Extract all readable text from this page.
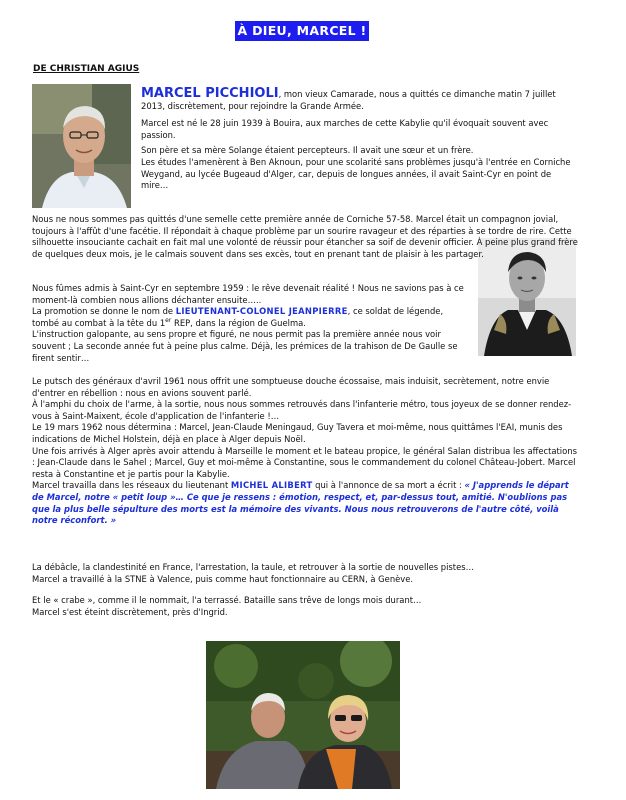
À DIEU, MARCEL !
DE CHRISTIAN AGIUS

MARCEL PICCHIOLI, mon vieux Camarade, nous a quittés ce dimanche matin 7 juillet 2013, discrètement, pour rejoindre la Grande Armée.

Marcel est né le 28 juin 1939 à Bouira, aux marches de cette Kabylie qu'il évoquait souvent avec passion.

Son père et sa mère Solange étaient percepteurs. Il avait une sœur et un frère.

Les études l'amenèrent à Ben Aknoun, pour une scolarité sans problèmes jusqu'à l'entrée en Corniche Weygand, au lycée Bugeaud d'Alger, car, depuis de longues années, il avait Saint-Cyr en point de mire…

Nous ne nous sommes pas quittés d'une semelle cette première année de Corniche 57-58. Marcel était un compagnon jovial, toujours à l'affût d'une facétie. Il répondait à chaque problème par un sourire ravageur et des réparties à se tordre de rire. Cette silhouette insouciante cachait en fait mal une volonté de réussir pour étancher sa soif de devenir officier. À peine plus grand frère de quelques deux mois, je le calmais souvent dans ses excès, tout en prenant tant de plaisir à les partager.

Nous fûmes admis à Saint-Cyr en septembre 1959 : le rêve devenait réalité ! Nous ne savions pas à ce moment-là combien nous allions déchanter ensuite…..

La promotion se donne le nom de LIEUTENANT-COLONEL JEANPIERRE, ce soldat de légende, tombé au combat à la tête du 1er REP, dans la région de Guelma.

L'instruction galopante, au sens propre et figuré, ne nous permit pas la première année nous voir souvent ; La seconde année fut à peine plus calme. Déjà, les prémices de la trahison de De Gaulle se firent sentir…

Le putsch des généraux d'avril 1961 nous offrit une somptueuse douche écossaise, mais induisit, secrètement, notre envie d'entrer en rébellion : nous en avions souvent parlé.

À l'amphi du choix de l'arme, à la sortie, nous nous sommes retrouvés dans l'infanterie métro, tous joyeux de se donner rendez-vous à Saint-Maixent, école d'application de l'infanterie !…

Le 19 mars 1962 nous détermina : Marcel, Jean-Claude Meningaud, Guy Tavera et moi-même, nous quittâmes l'EAI, munis des indications de Michel Holstein, déjà en place à Alger depuis Noël.

Une fois arrivés à Alger après avoir attendu à Marseille le moment et le bateau propice, le général Salan distribua les affectations : Jean-Claude dans le Sahel ; Marcel, Guy et moi-même à Constantine, sous le commandement du colonel Château-Jobert. Marcel resta à Constantine et je partis pour la Kabylie.

Marcel travailla dans les réseaux du lieutenant MICHEL ALIBERT qui à l'annonce de sa mort a écrit : « J'apprends le départ de Marcel, notre « petit loup »… Ce que je ressens : émotion, respect, et, par-dessus tout, amitié. N'oublions pas que la plus belle sépulture des morts est la mémoire des vivants. Nous nous retrouverons de l'autre côté, voilà notre réconfort. »

La débâcle, la clandestinité en France, l'arrestation, la taule, et retrouver à la sortie de nouvelles pistes…

Marcel a travaillé à la STNE à Valence, puis comme haut fonctionnaire au CERN, à Genève.

Et le « crabe », comme il le nommait, l'a terrassé. Bataille sans trêve de longs mois durant…

Marcel s'est éteint discrètement, près d'Ingrid.
